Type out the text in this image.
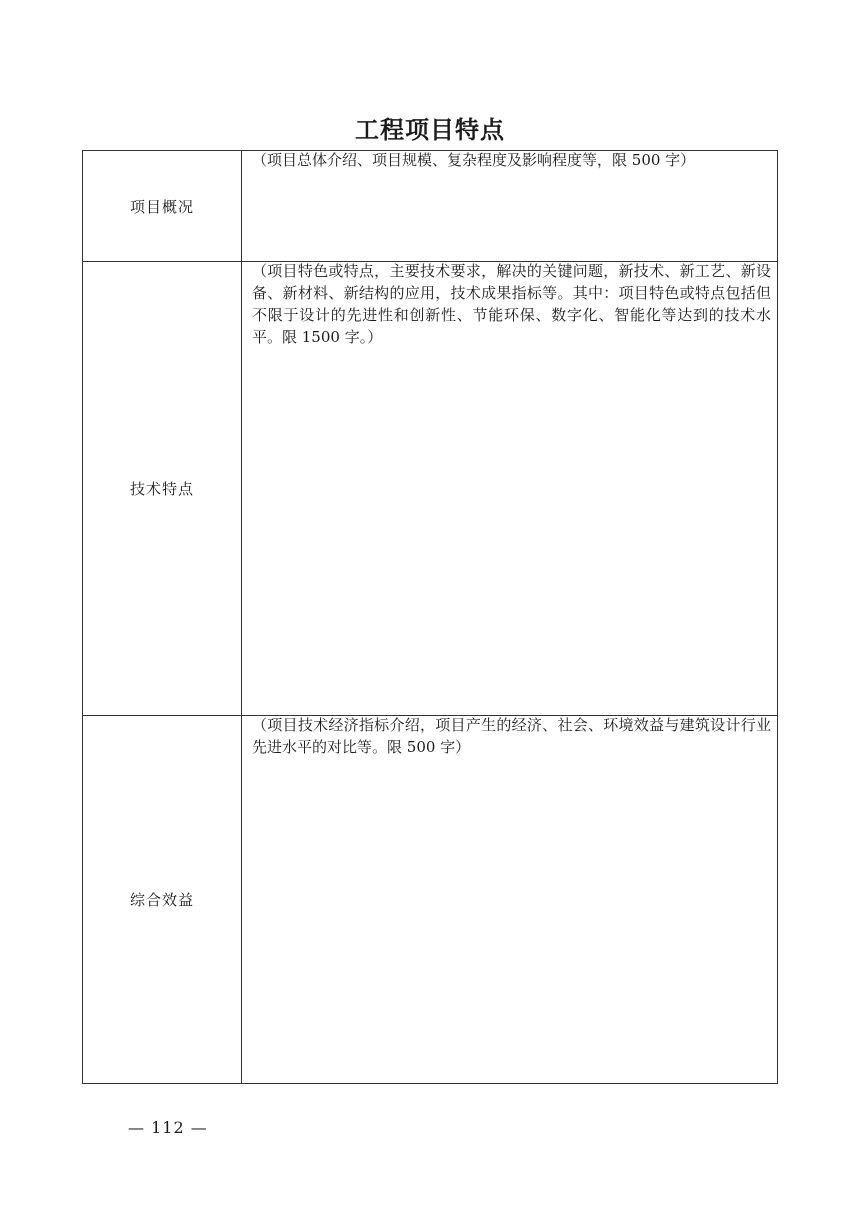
工程项目特点
项目概况	（项目总体介绍、项目规模、复杂程度及影响程度等，限 500 字）

技术特点	（项目特色或特点，主要技术要求，解决的关键问题，新技术、新工艺、新设备、新材料、新结构的应用，技术成果指标等。其中：项目特色或特点包括但不限于设计的先进性和创新性、节能环保、数字化、智能化等达到的技术水平。限 1500 字。）

综合效益	（项目技术经济指标介绍，项目产生的经济、社会、环境效益与建筑设计行业先进水平的对比等。限 500 字）
— 112 —
